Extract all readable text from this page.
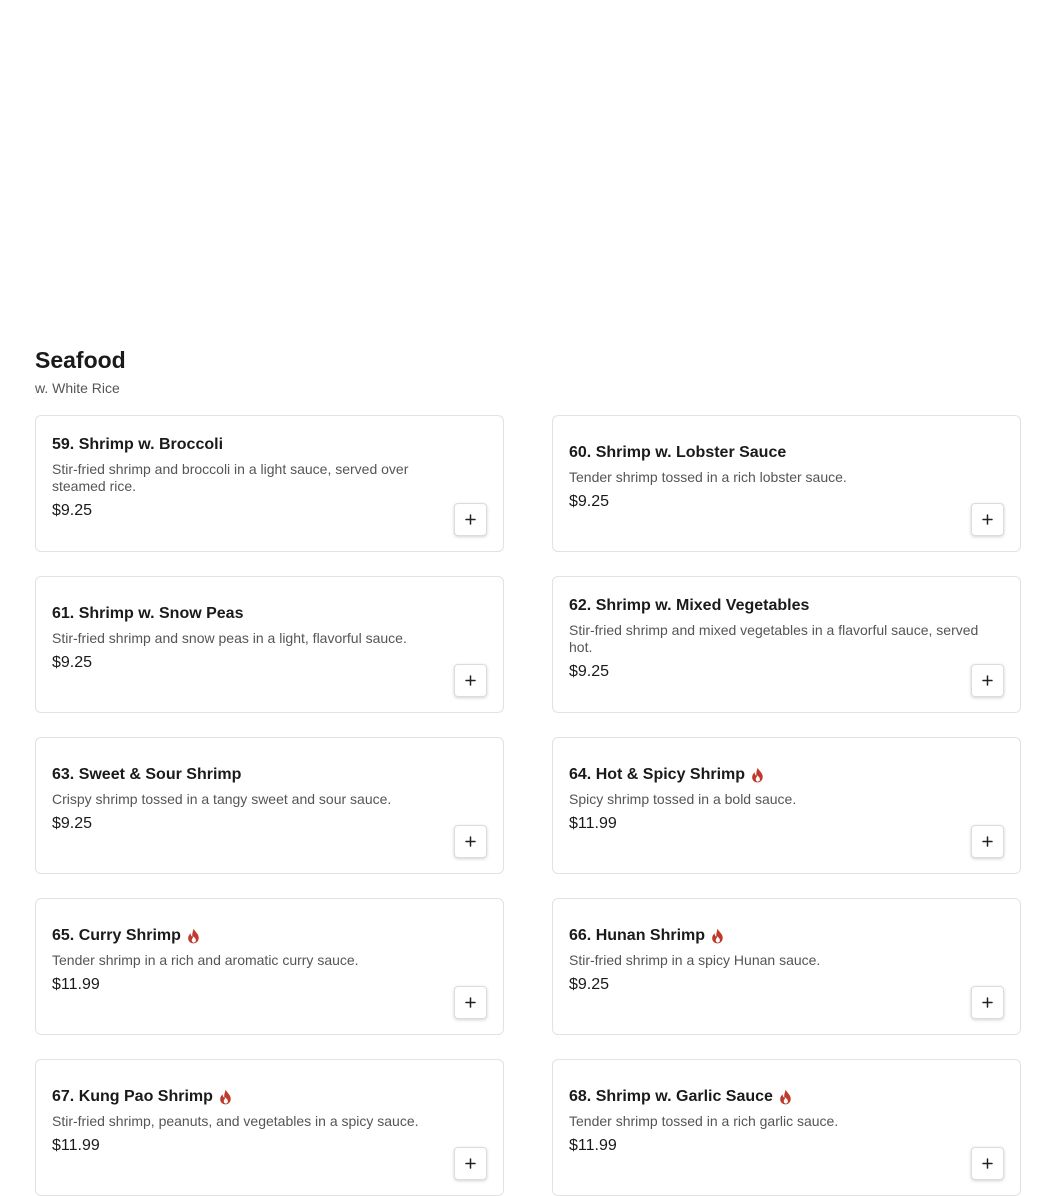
Seafood
w. White Rice
59. Shrimp w. Broccoli
Stir-fried shrimp and broccoli in a light sauce, served over steamed rice.
$9.25
60. Shrimp w. Lobster Sauce
Tender shrimp tossed in a rich lobster sauce.
$9.25
61. Shrimp w. Snow Peas
Stir-fried shrimp and snow peas in a light, flavorful sauce.
$9.25
62. Shrimp w. Mixed Vegetables
Stir-fried shrimp and mixed vegetables in a flavorful sauce, served hot.
$9.25
63. Sweet & Sour Shrimp
Crispy shrimp tossed in a tangy sweet and sour sauce.
$9.25
64. Hot & Spicy Shrimp
Spicy shrimp tossed in a bold sauce.
$11.99
65. Curry Shrimp
Tender shrimp in a rich and aromatic curry sauce.
$11.99
66. Hunan Shrimp
Stir-fried shrimp in a spicy Hunan sauce.
$9.25
67. Kung Pao Shrimp
Stir-fried shrimp, peanuts, and vegetables in a spicy sauce.
$11.99
68. Shrimp w. Garlic Sauce
Tender shrimp tossed in a rich garlic sauce.
$11.99
